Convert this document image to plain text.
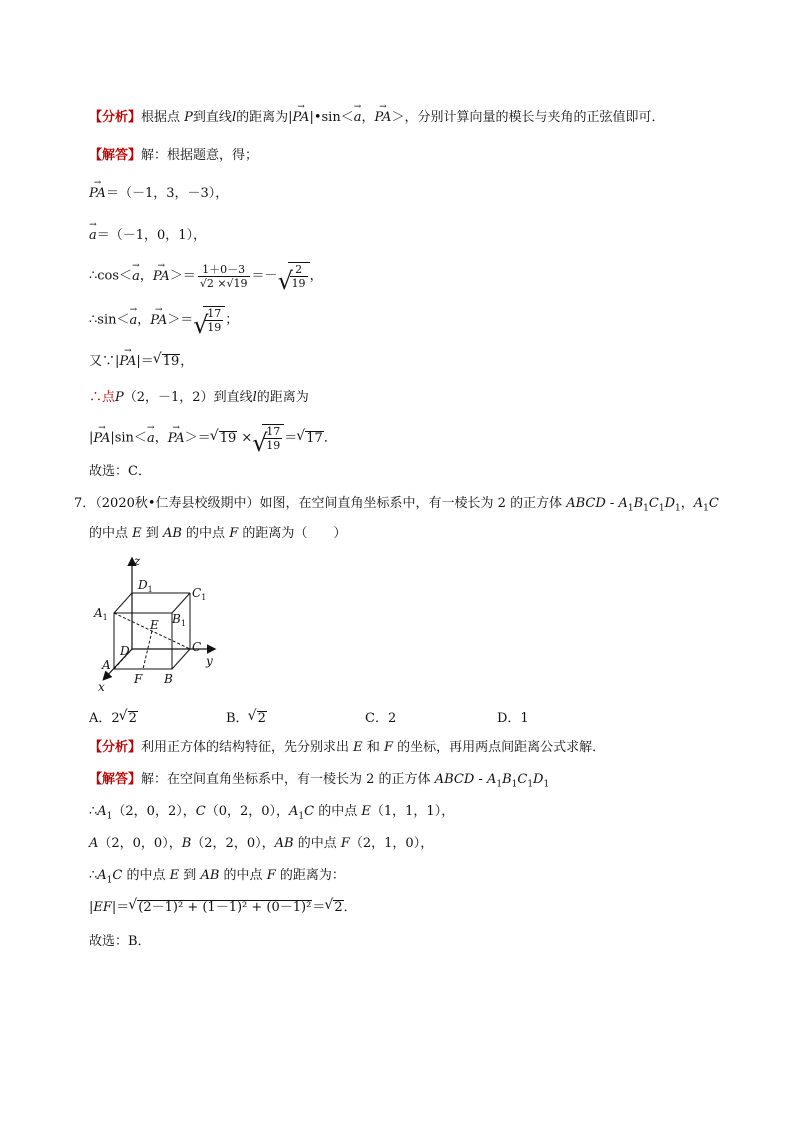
【分析】根据点 P到直线l的距离为|→ PA|•sin＜→ a，→ PA＞，分别计算向量的模长与夹角的正弦值即可．
【解答】解：根据题意，得；
→ PA＝（－1，3，－3），
→ a＝（－1，0，1），
∴cos＜→ a，→ $PA>= \frac{1+0-3}{√2 \times√19}$ ＝－ √ $\frac{2}{19}$ ，
∴sin＜→ a，→ PA＞＝ √ $\frac{17}{19}$ ；
又∵|→ PA|＝ √ 19，
∴点P（2，－1，2）到直线l的距离为
|→ PA|sin＜→ a，→ PA＞＝ √ 19 × √ $\frac{17}{19}$ ＝ √ 17．
故选：C．
7．（2020秋•仁寿县校级期中）如图，在空间直角坐标系中，有一棱长为 2 的正方体 ABCD - $A_1B_1C_1D_1$，$A_1C$
的中点 E 到 AB 的中点 F 的距离为（　　）
z
y
x
$D_1$	$C_1$
$A_1$	$B_1$
E
D	C
A
F B
A．2 √ 2	B． √ 2	C．2	D．1
【分析】利用正方体的结构特征，先分别求出 E 和 F 的坐标，再用两点间距离公式求解．
【解答】解：在空间直角坐标系中，有一棱长为 2 的正方体 ABCD - $A_1B_1C_1D_1$
$\therefore A_1(2$，0，2），C（0，2，0），$A_1C$ 的中点 E（1，1，1），
A（2，0，0），B（2，2，0），AB 的中点 F（2，1，0），
$\therefore A_1C$ 的中点 E 到 AB 的中点 F 的距离为：
|EF|＝ √ (2－1)² + (1－1)² + (0－1)²＝ √ 2．
故选：B．
